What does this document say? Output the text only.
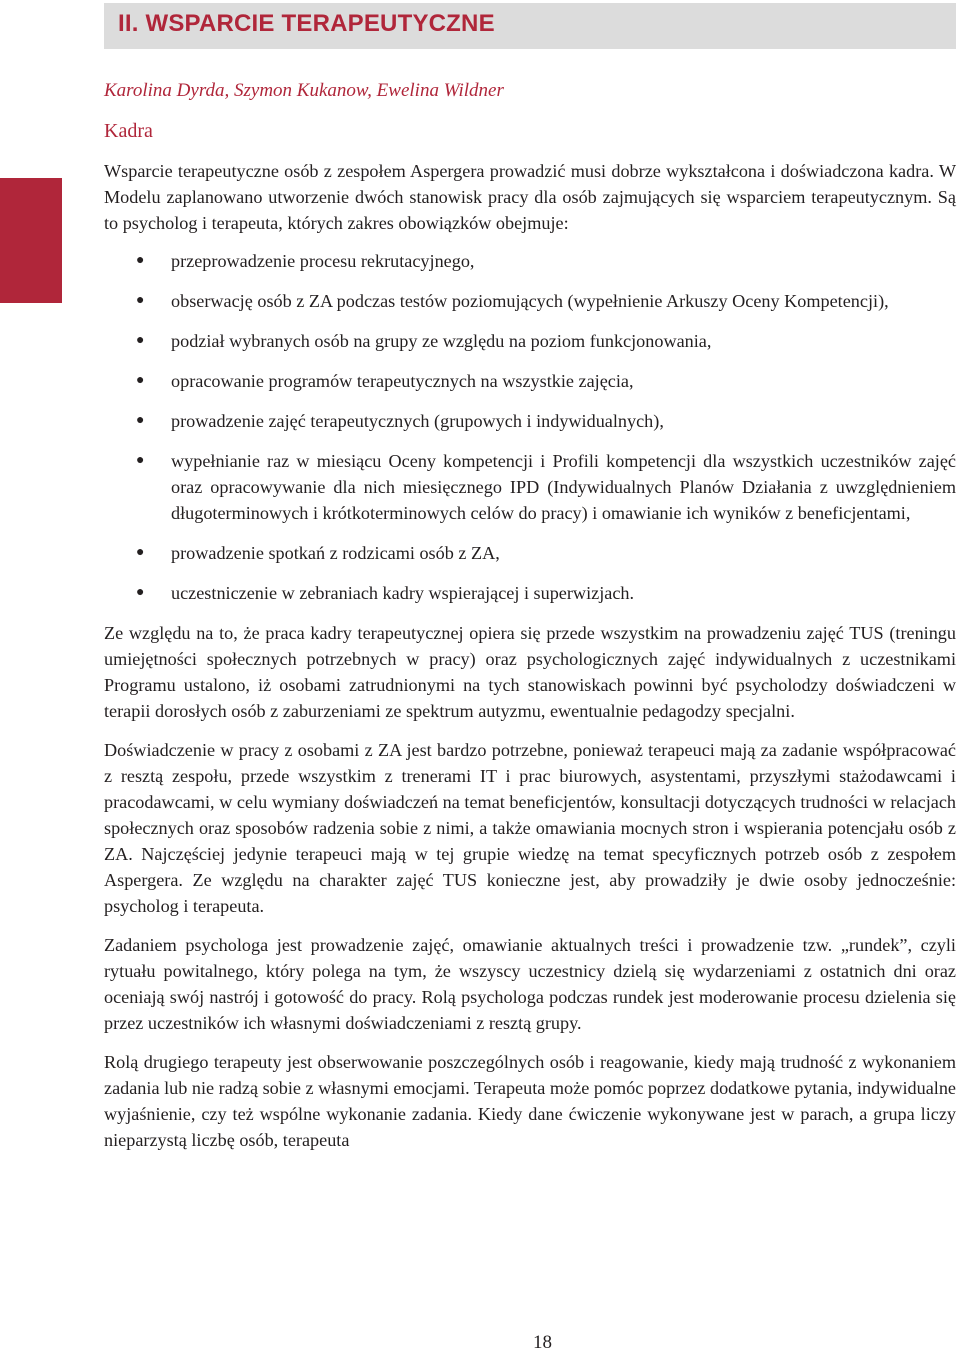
II. WSPARCIE TERAPEUTYCZNE
Karolina Dyrda, Szymon Kukanow, Ewelina Wildner
Kadra

Wsparcie terapeutyczne osób z zespołem Aspergera prowadzić musi dobrze wykształcona i doświadczona kadra. W Modelu zaplanowano utworzenie dwóch stanowisk pracy dla osób zajmujących się wsparciem terapeutycznym. Są to psycholog i terapeuta, których zakres obowiązków obejmuje:

● przeprowadzenie procesu rekrutacyjnego,
● obserwację osób z ZA podczas testów poziomujących (wypełnienie Arkuszy Oceny Kompetencji),
● podział wybranych osób na grupy ze względu na poziom funkcjonowania,
● opracowanie programów terapeutycznych na wszystkie zajęcia,
● prowadzenie zajęć terapeutycznych (grupowych i indywidualnych),
● wypełnianie raz w miesiącu Oceny kompetencji i Profili kompetencji dla wszystkich uczestników zajęć oraz opracowywanie dla nich miesięcznego IPD (Indywidualnych Planów Działania z uwzględnieniem długoterminowych i krótkoterminowych celów do pracy) i omawianie ich wyników z beneficjentami,
● prowadzenie spotkań z rodzicami osób z ZA,
● uczestniczenie w zebraniach kadry wspierającej i superwizjach.

Ze względu na to, że praca kadry terapeutycznej opiera się przede wszystkim na prowadzeniu zajęć TUS (treningu umiejętności społecznych potrzebnych w pracy) oraz psychologicznych zajęć indywidualnych z uczestnikami Programu ustalono, iż osobami zatrudnionymi na tych stanowiskach powinni być psycholodzy doświadczeni w terapii dorosłych osób z zaburzeniami ze spektrum autyzmu, ewentualnie pedagodzy specjalni.

Doświadczenie w pracy z osobami z ZA jest bardzo potrzebne, ponieważ terapeuci mają za zadanie współpracować z resztą zespołu, przede wszystkim z trenerami IT i prac biurowych, asystentami, przyszłymi stażodawcami i pracodawcami, w celu wymiany doświadczeń na temat beneficjentów, konsultacji dotyczących trudności w relacjach społecznych oraz sposobów radzenia sobie z nimi, a także omawiania mocnych stron i wspierania potencjału osób z ZA. Najczęściej jedynie terapeuci mają w tej grupie wiedzę na temat specyficznych potrzeb osób z zespołem Aspergera. Ze względu na charakter zajęć TUS konieczne jest, aby prowadziły je dwie osoby jednocześnie: psycholog i terapeuta.

Zadaniem psychologa jest prowadzenie zajęć, omawianie aktualnych treści i prowadzenie tzw. „rundek”, czyli rytuału powitalnego, który polega na tym, że wszyscy uczestnicy dzielą się wydarzeniami z ostatnich dni oraz oceniają swój nastrój i gotowość do pracy. Rolą psychologa podczas rundek jest moderowanie procesu dzielenia się przez uczestników ich własnymi doświadczeniami z resztą grupy.

Rolą drugiego terapeuty jest obserwowanie poszczególnych osób i reagowanie, kiedy mają trudność z wykonaniem zadania lub nie radzą sobie z własnymi emocjami. Terapeuta może pomóc poprzez dodatkowe pytania, indywidualne wyjaśnienie, czy też wspólne wykonanie zadania. Kiedy dane ćwiczenie wykonywane jest w parach, a grupa liczy nieparzystą liczbę osób, terapeuta

18
